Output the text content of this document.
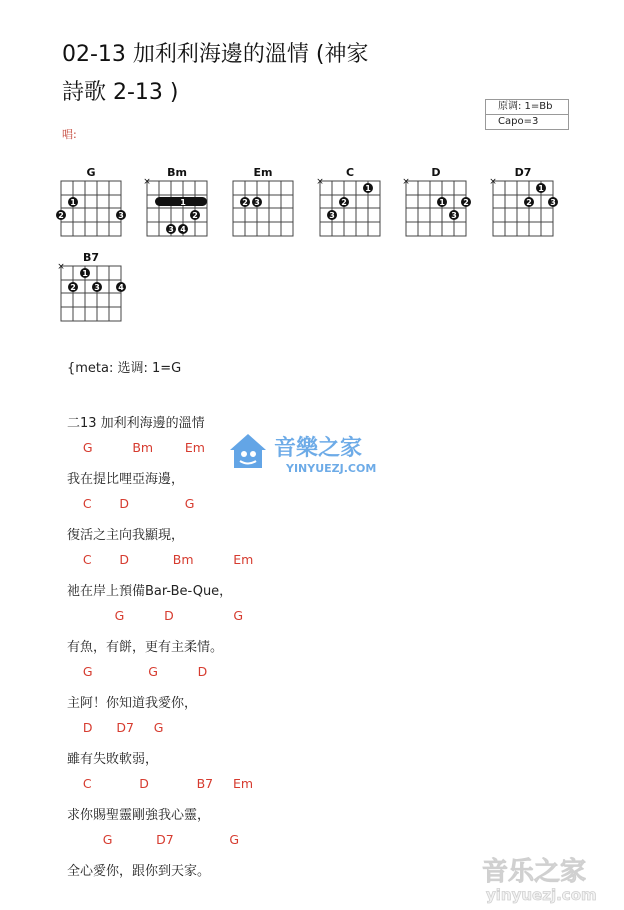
02-13 加利利海邊的溫情 (神家
詩歌 2-13 )
原调: 1=Bb
Capo=3
唱:
G
1
2	3
Bm
×
1
2
3 4
Em
2 3
C
×
1
2
3
D
×
1 2
3
D7
×
1
2 3
B7
×
1
2 3 4
{meta: 选调: 1=G
二13 加利利海邊的溫情
G          Bm        Em
我在提比哩亞海邊，
C       D              G
復活之主向我顯現，
C       D           Bm          Em
祂在岸上預備Bar-Be-Que，
G          D               G
有魚，有餅，更有主柔情。
G              G          D
主阿！你知道我愛你，
D      D7     G
雖有失敗軟弱，
C            D            B7     Em
求你賜聖靈剛強我心靈，
G           D7              G
全心愛你，跟你到天家。
音樂之家
YINYUEZJ.COM
音乐之家
yinyuezj.com
